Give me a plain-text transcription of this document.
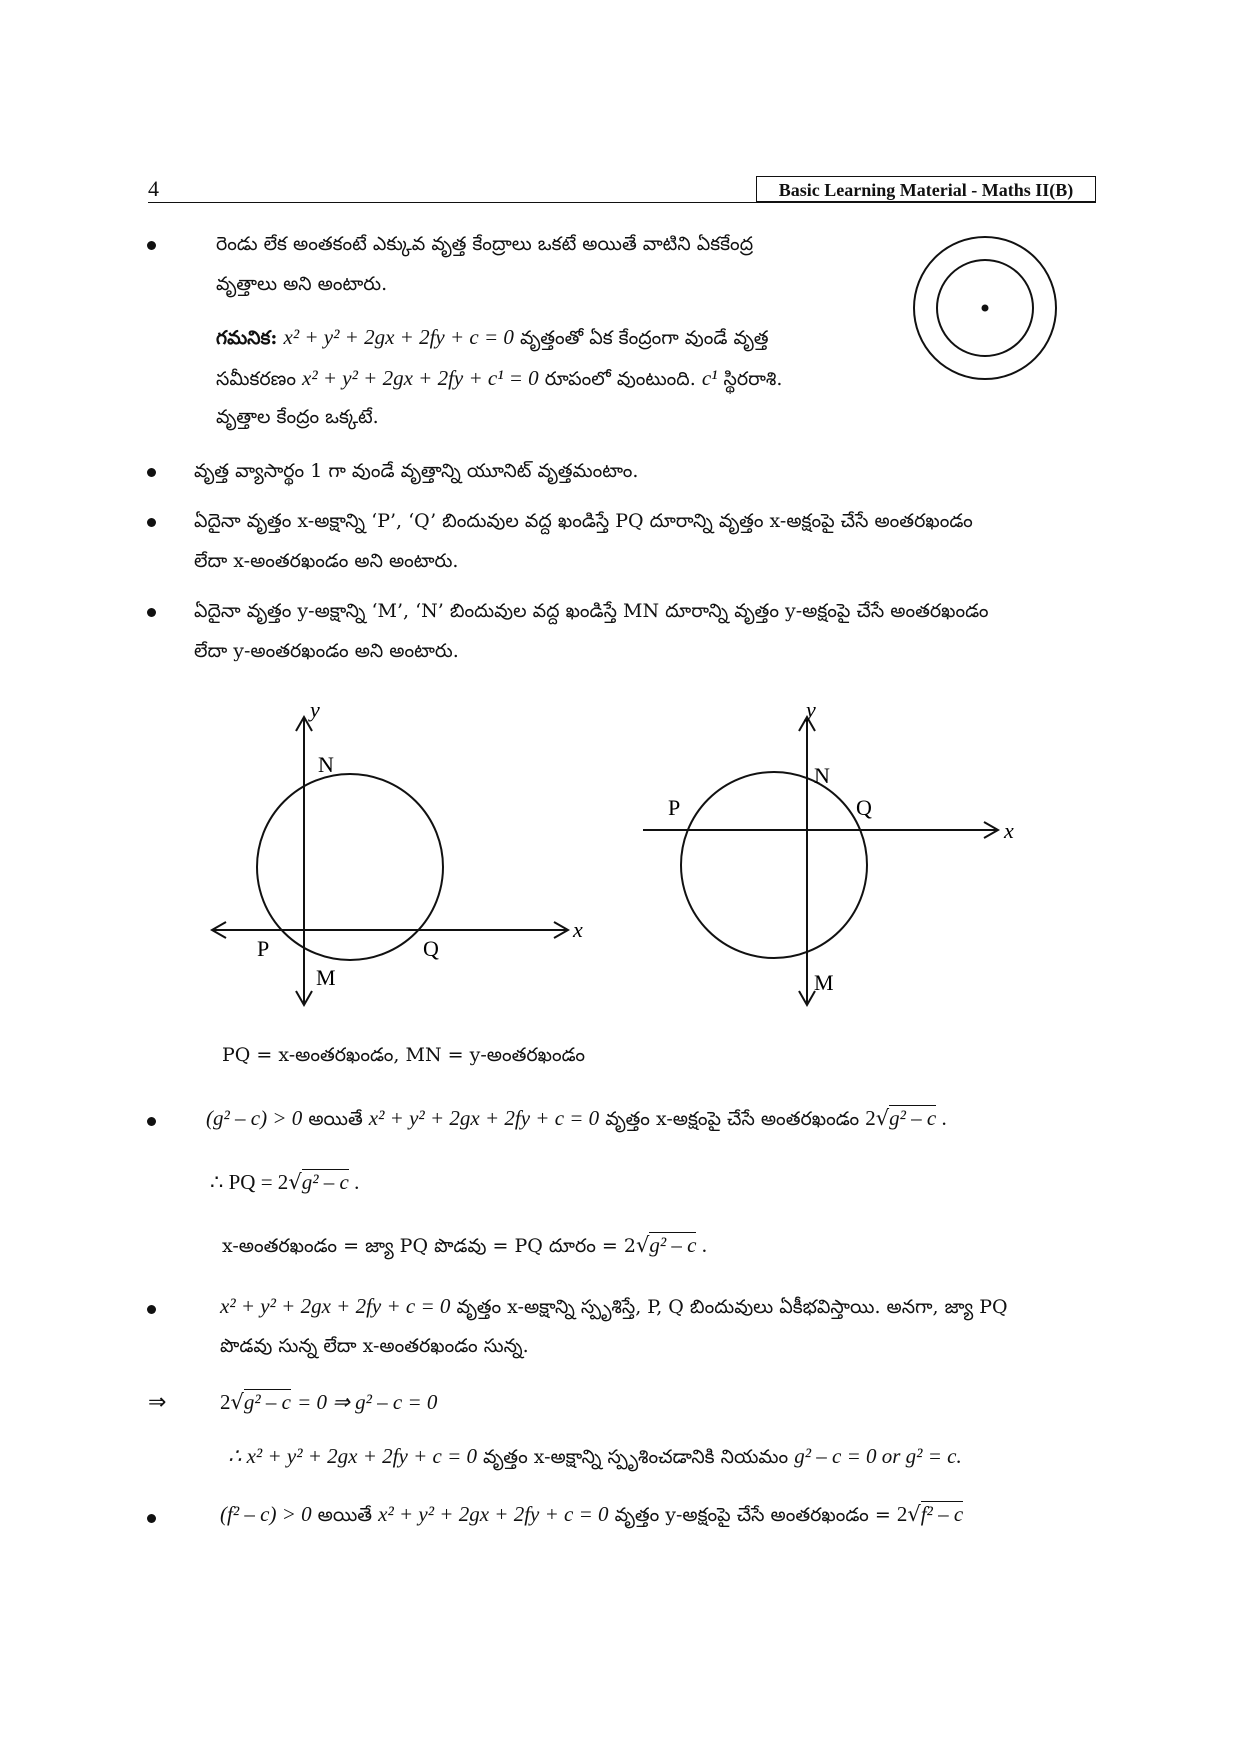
4	Basic Learning Material - Maths II(B)
రెండు లేక అంతకంటే ఎక్కువ వృత్త కేంద్రాలు ఒకటే అయితే వాటిని ఏకకేంద్ర
వృత్తాలు అని అంటారు.
గమనిక: x² + y² + 2gx + 2fy + c = 0 వృత్తంతో ఏక కేంద్రంగా వుండే వృత్త
సమీకరణం x² + y² + 2gx + 2fy + c¹ = 0 రూపంలో వుంటుంది. c¹ స్థిరరాశి.
వృత్తాల కేంద్రం ఒక్కటే.
వృత్త వ్యాసార్థం 1 గా వుండే వృత్తాన్ని యూనిట్ వృత్తమంటాం.
ఏదైనా వృత్తం x-అక్షాన్ని ‘P’, ‘Q’ బిందువుల వద్ద ఖండిస్తే PQ దూరాన్ని వృత్తం x-అక్షంపై చేసే అంతరఖండం
లేదా x-అంతరఖండం అని అంటారు.
ఏదైనా వృత్తం y-అక్షాన్ని ‘M’, ‘N’ బిందువుల వద్ద ఖండిస్తే MN దూరాన్ని వృత్తం y-అక్షంపై చేసే అంతరఖండం
లేదా y-అంతరఖండం అని అంటారు.
y
x
N
P	Q
M
y
x
N
P	Q
M
PQ = x-అంతరఖండం, MN = y-అంతరఖండం
(g² – c) > 0 అయితే x² + y² + 2gx + 2fy + c = 0 వృత్తం x-అక్షంపై చేసే అంతరఖండం 2√g² – c .
∴ PQ = 2√g² – c .
x-అంతరఖండం = జ్యా PQ పొడవు = PQ దూరం = 2√g² – c .
x² + y² + 2gx + 2fy + c = 0 వృత్తం x-అక్షాన్ని స్పృశిస్తే, P, Q బిందువులు ఏకీభవిస్తాయి. అనగా, జ్యా PQ
పొడవు సున్న లేదా x-అంతరఖండం సున్న.
⇒	2√g² – c = 0 ⇒ g² – c = 0
∴ x² + y² + 2gx + 2fy + c = 0 వృత్తం x-అక్షాన్ని స్పృశించడానికి నియమం g² – c = 0 or g² = c.
(f² – c) > 0 అయితే x² + y² + 2gx + 2fy + c = 0 వృత్తం y-అక్షంపై చేసే అంతరఖండం = 2√f² – c
